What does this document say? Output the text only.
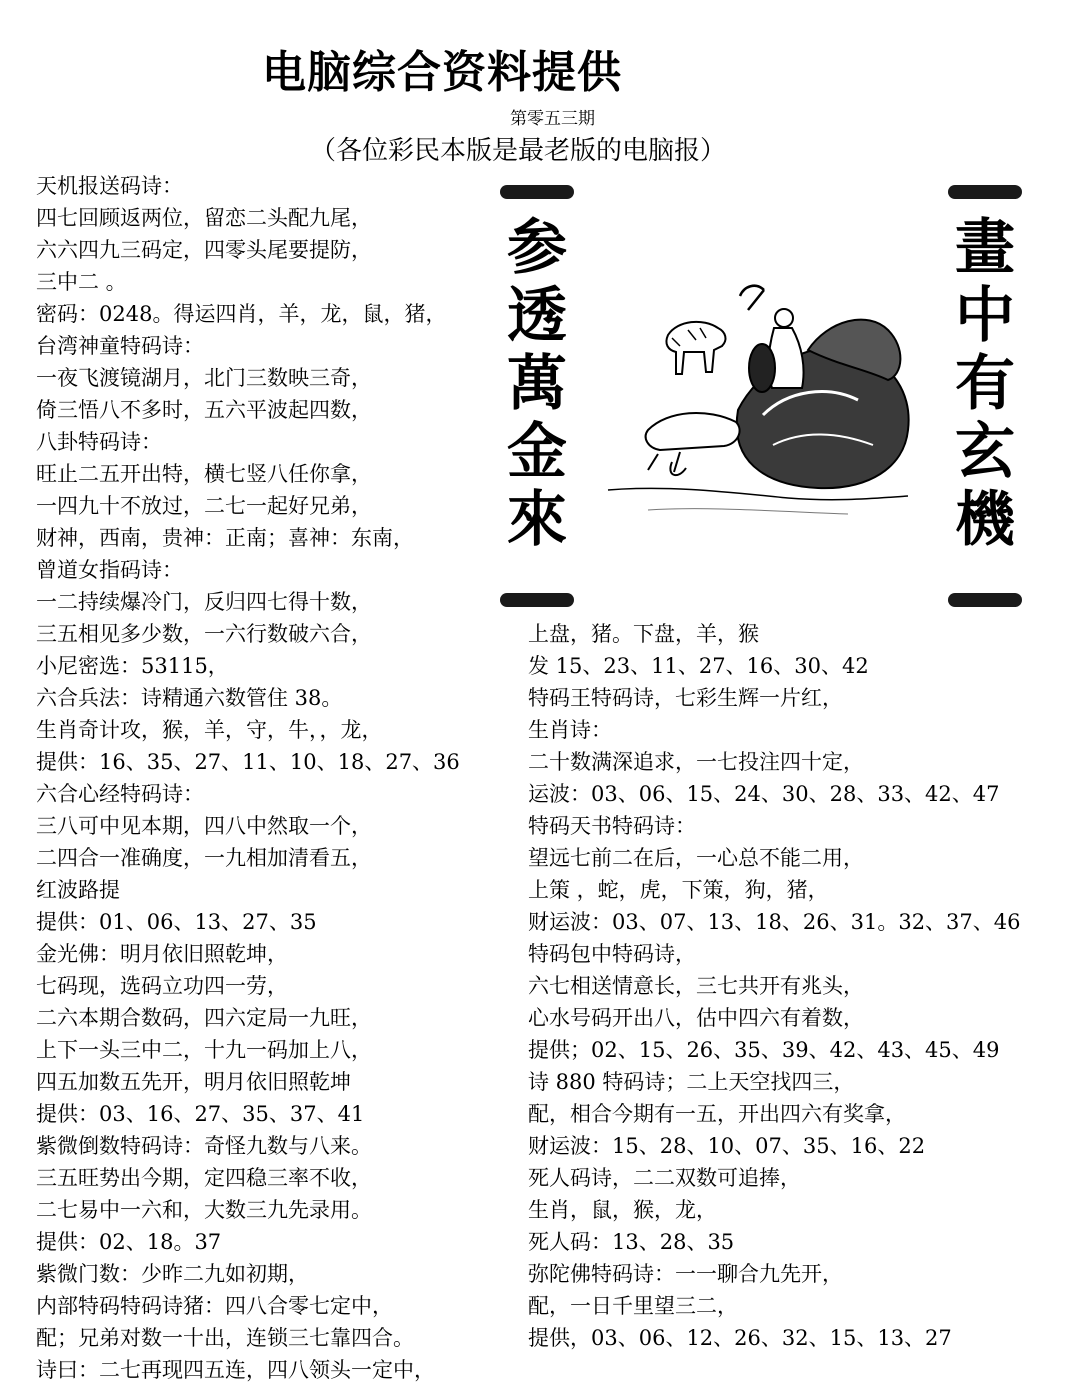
电脑综合资料提供
第零五三期
（各位彩民本版是最老版的电脑报）
天机报送码诗：
四七回顾返两位，留恋二头配九尾，
六六四九三码定，四零头尾要提防，
三中二 。
密码：0248。得运四肖，羊，龙，鼠，猪，
台湾神童特码诗：
一夜飞渡镜湖月，北门三数映三奇，
倚三悟八不多时，五六平波起四数，
八卦特码诗：
旺止二五开出特，横七竖八任你拿，
一四九十不放过，二七一起好兄弟，
财神，西南，贵神：正南；喜神：东南，
曾道女指码诗：
一二持续爆冷门，反归四七得十数，
三五相见多少数，一六行数破六合，
小尼密选：53115，
六合兵法：诗精通六数管住 38。
生肖奇计攻，猴，羊，守，牛，，龙，
提供：16、35、27、11、10、18、27、36
六合心经特码诗：
三八可中见本期，四八中然取一个，
二四合一准确度，一九相加清看五，
红波路提
提供：01、06、13、27、35
金光佛：明月依旧照乾坤，
七码现，选码立功四一劳，
二六本期合数码，四六定局一九旺，
上下一头三中二，十九一码加上八，
四五加数五先开，明月依旧照乾坤
提供：03、16、27、35、37、41
紫微倒数特码诗：奇怪九数与八来。
三五旺势出今期，定四稳三率不收，
二七易中一六和，大数三九先录用。
提供：02、18。37
紫微门数：少昨二九如初期，
内部特码特码诗猪：四八合零七定中，
配；兄弟对数一十出，连锁三七靠四合。
诗曰：二七再现四五连，四八领头一定中，
上盘，猪。下盘，羊，猴
发 15、23、11、27、16、30、42
特码王特码诗，七彩生辉一片红，
生肖诗：
二十数满深追求，一七投注四十定，
运波：03、06、15、24、30、28、33、42、47
特码天书特码诗：
望远七前二在后，一心总不能二用，
上策 ，蛇，虎，下策，狗，猪，
财运波：03、07、13、18、26、31。32、37、46
特码包中特码诗，
六七相送情意长，三七共开有兆头，
心水号码开出八，估中四六有着数，
提供；02、15、26、35、39、42、43、45、49
诗 880 特码诗；二上天空找四三，
配，相合今期有一五，开出四六有奖拿，
财运波：15、28、10、07、35、16、22
死人码诗，二二双数可追捧，
生肖，鼠，猴，龙，
死人码：13、28、35
弥陀佛特码诗：一一聊合九先开，
配，一日千里望三二，
提供，03、06、12、26、32、15、13、27
参透萬金來	畫中有玄機
